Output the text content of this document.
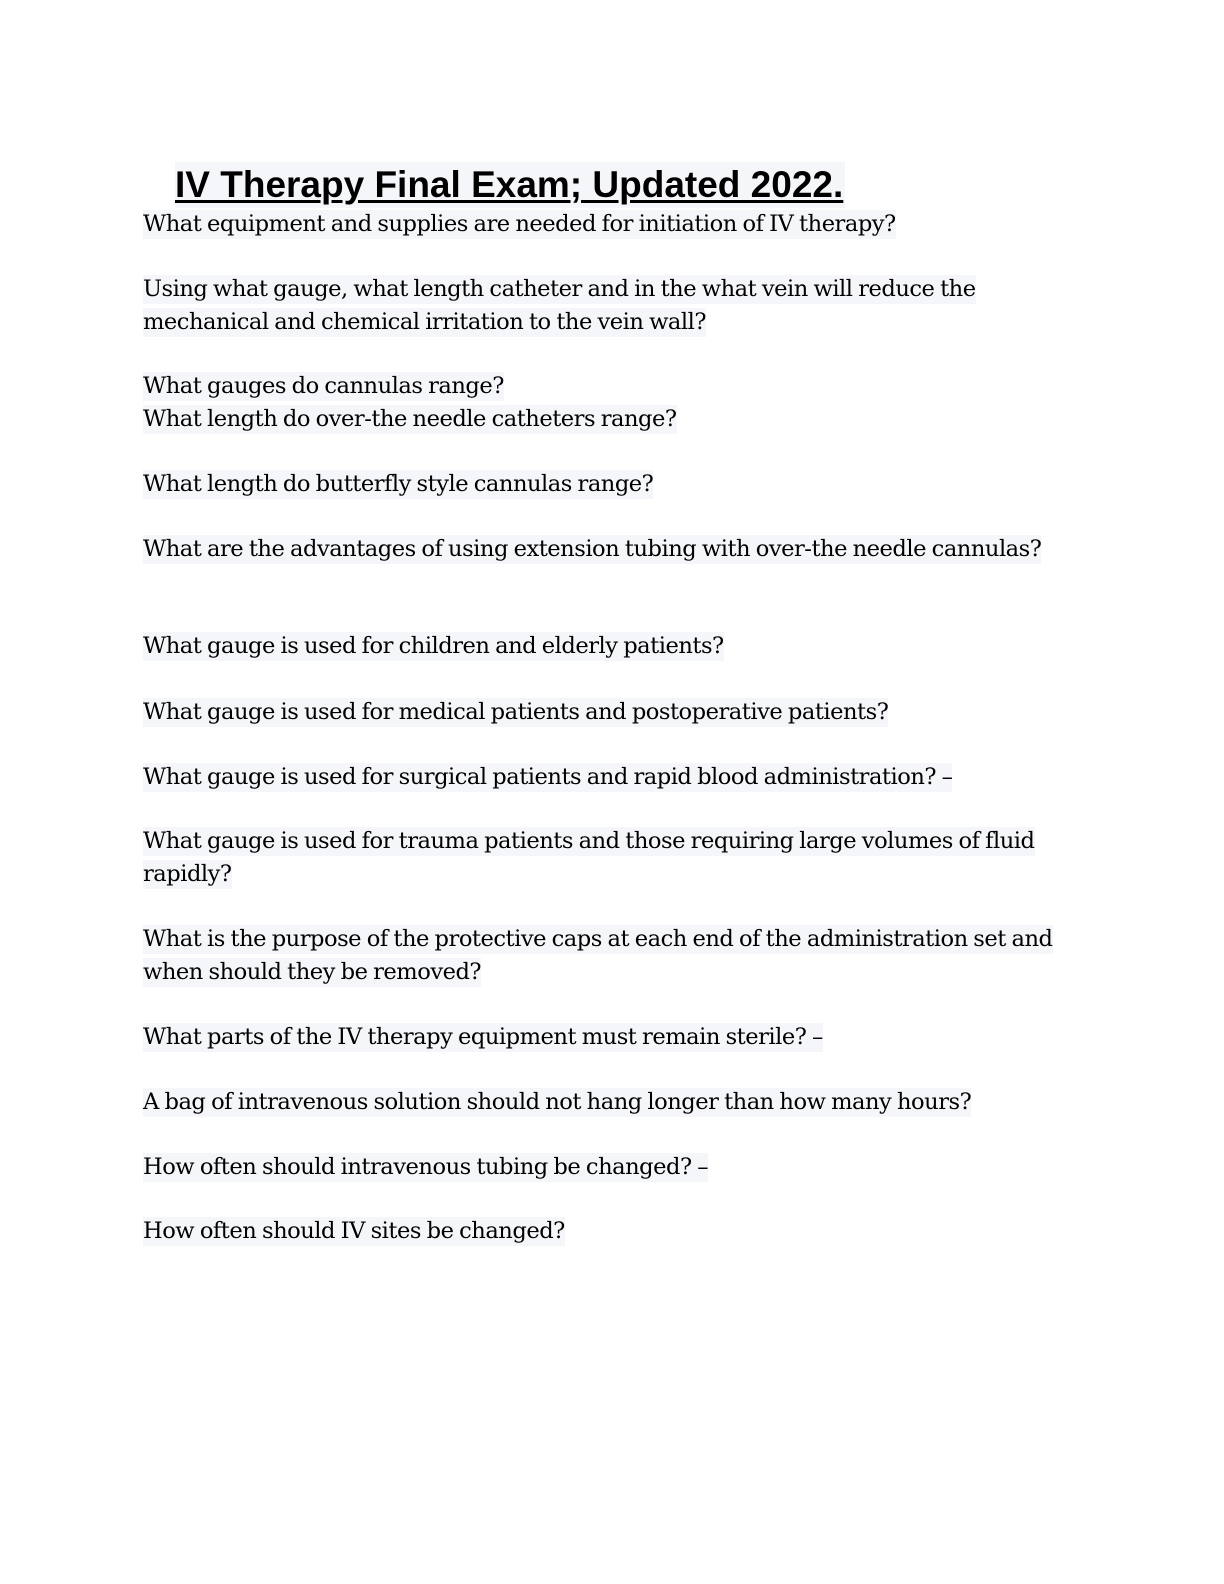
IV Therapy Final Exam; Updated 2022.

What equipment and supplies are needed for initiation of IV therapy?

Using what gauge, what length catheter and in the what vein will reduce the mechanical and chemical irritation to the vein wall?

What gauges do cannulas range?

What length do over-the needle catheters range?

What length do butterfly style cannulas range?

What are the advantages of using extension tubing with over-the needle cannulas?

What gauge is used for children and elderly patients?

What gauge is used for medical patients and postoperative patients?

What gauge is used for surgical patients and rapid blood administration? –

What gauge is used for trauma patients and those requiring large volumes of fluid rapidly?

What is the purpose of the protective caps at each end of the administration set and when should they be removed?

What parts of the IV therapy equipment must remain sterile? –

A bag of intravenous solution should not hang longer than how many hours?

How often should intravenous tubing be changed? –

How often should IV sites be changed?
